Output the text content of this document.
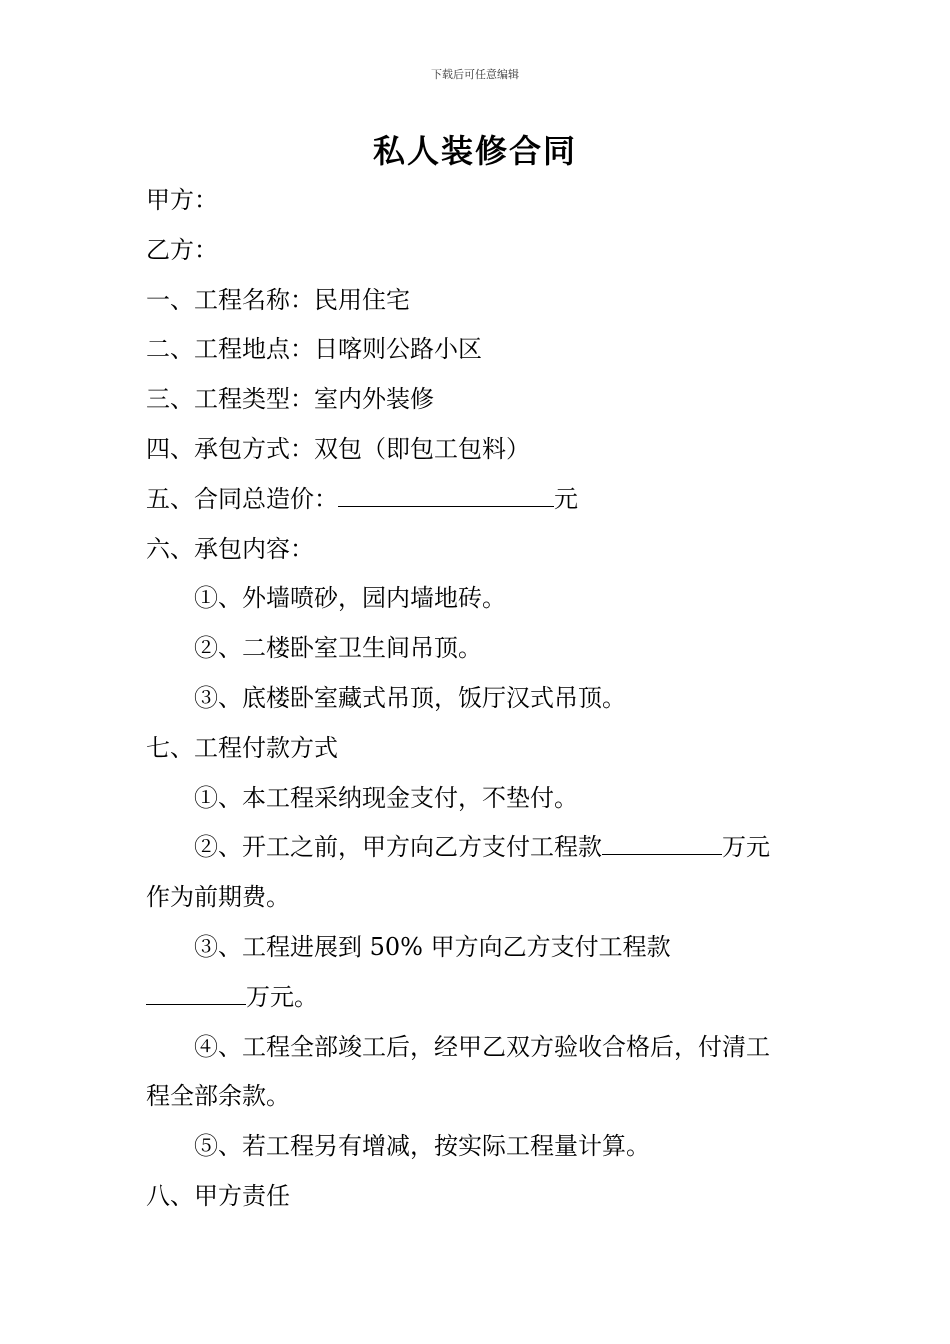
下载后可任意编辑
私人装修合同
甲方：
乙方：
一、工程名称：民用住宅
二、工程地点：日喀则公路小区
三、工程类型：室内外装修
四、承包方式：双包（即包工包料）
五、合同总造价：	元
六、承包内容：
①、外墙喷砂，园内墙地砖。
②、二楼卧室卫生间吊顶。
③、底楼卧室藏式吊顶，饭厅汉式吊顶。
七、工程付款方式
①、本工程采纳现金支付，不垫付。
②、开工之前，甲方向乙方支付工程款	万元
作为前期费。
③、工程进展到 50% 甲方向乙方支付工程款
万元。
④、工程全部竣工后，经甲乙双方验收合格后，付清工
程全部余款。
⑤、若工程另有增减，按实际工程量计算。
八、甲方责任
